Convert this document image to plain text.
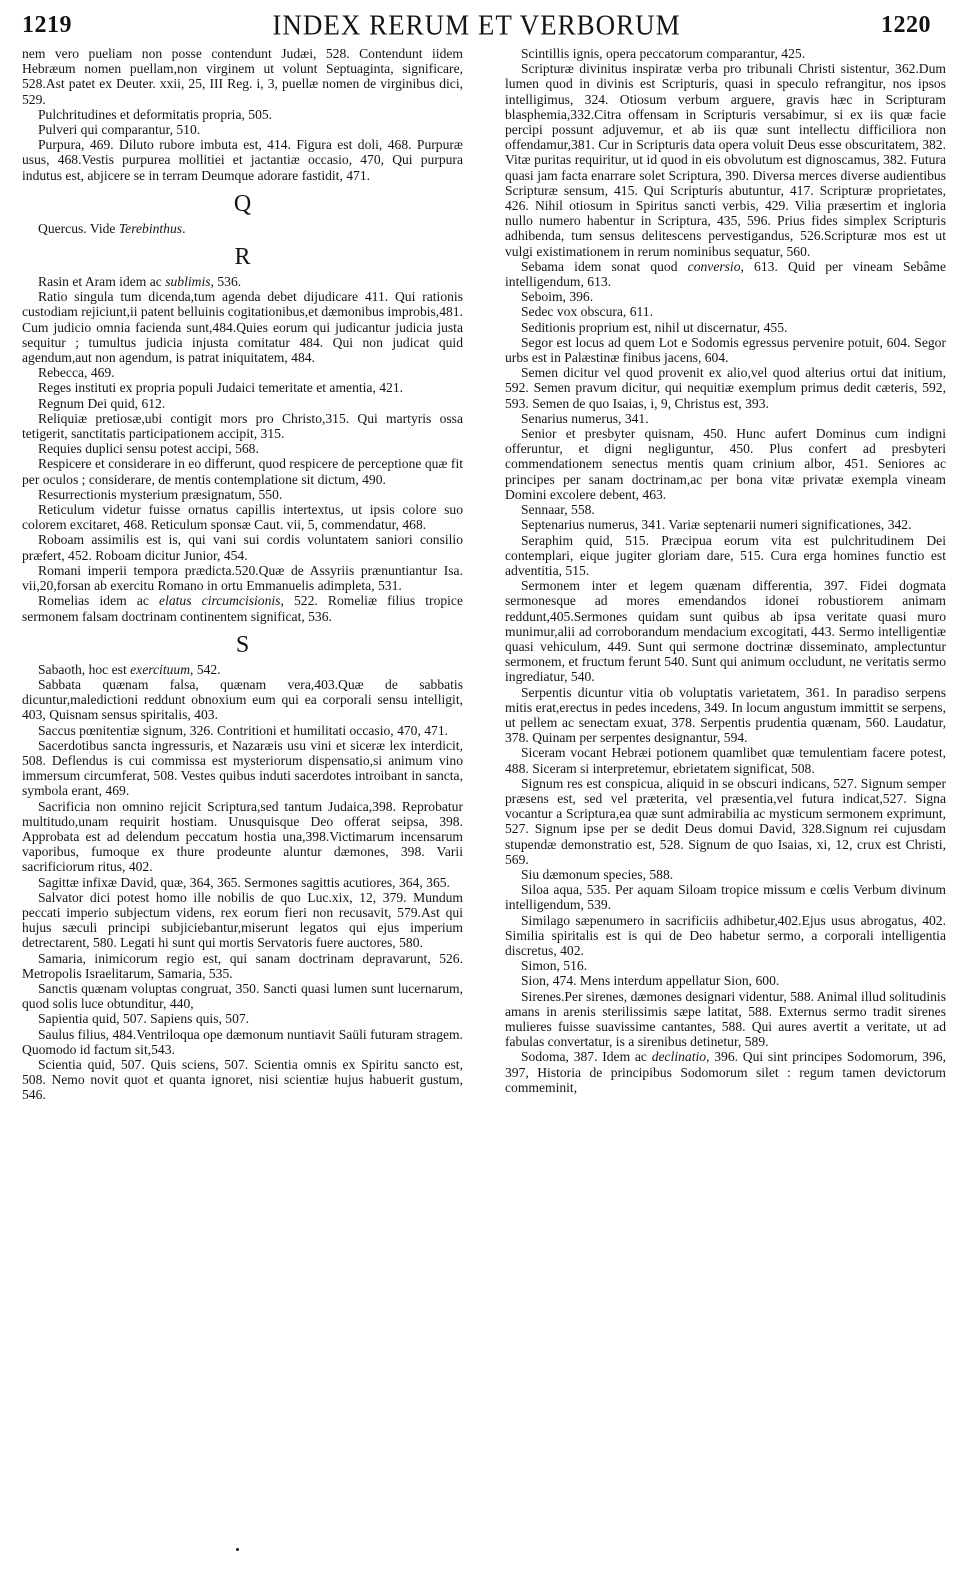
1219	INDEX RERUM ET VERBORUM	1220

nem vero pueliam non posse contendunt Judæi, 528. Contendunt iidem Hebræum nomen puellam,non virginem ut volunt Septuaginta, significare, 528.Ast patet ex Deuter. xxii, 25, III Reg. i, 3, puellæ nomen de virginibus dici, 529.

Pulchritudines et deformitatis propria, 505.

Pulveri qui comparantur, 510.

Purpura, 469. Diluto rubore imbuta est, 414. Figura est doli, 468. Purpuræ usus, 468.Vestis purpurea mollitiei et jactantiæ occasio, 470, Qui purpura indutus est, abjicere se in terram Deumque adorare fastidit, 471.

Q

Quercus. Vide Terebinthus.

R

Rasin et Aram idem ac sublimis, 536.

Ratio singula tum dicenda,tum agenda debet dijudicare 411. Qui rationis custodiam rejiciunt,ii patent belluinis cogitationibus,et dæmonibus improbis,481. Cum judicio omnia facienda sunt,484.Quies eorum qui judicantur judicia justa sequitur ; tumultus judicia injusta comitatur 484. Qui non judicat quid agendum,aut non agendum, is patrat iniquitatem, 484.

Rebecca, 469.

Reges instituti ex propria populi Judaici temeritate et amentia, 421.

Regnum Dei quid, 612.

Reliquiæ pretiosæ,ubi contigit mors pro Christo,315. Qui martyris ossa tetigerit, sanctitatis participationem accipit, 315.

Requies duplici sensu potest accipi, 568.

Respicere et considerare in eo differunt, quod respicere de perceptione quæ fit per oculos ; considerare, de mentis contemplatione sit dictum, 490.

Resurrectionis mysterium præsignatum, 550.

Reticulum videtur fuisse ornatus capillis intertextus, ut ipsis colore suo colorem excitaret, 468. Reticulum sponsæ Caut. vii, 5, commendatur, 468.

Roboam assimilis est is, qui vani sui cordis voluntatem saniori consilio præfert, 452. Roboam dicitur Junior, 454.

Romani imperii tempora prædicta.520.Quæ de Assyriis prænuntiantur Isa. vii,20,forsan ab exercitu Romano in ortu Emmanuelis adimpleta, 531.

Romelias idem ac elatus circumcisionis, 522. Romeliæ filius tropice sermonem falsam doctrinam continentem significat, 536.

S

Sabaoth, hoc est exercituum, 542.

Sabbata quænam falsa, quænam vera,403.Quæ de sabbatis dicuntur,maledictioni reddunt obnoxium eum qui ea corporali sensu intelligit, 403, Quisnam sensus spiritalis, 403.

Saccus pœnitentiæ signum, 326. Contritioni et humilitati occasio, 470, 471.

Sacerdotibus sancta ingressuris, et Nazaræis usu vini et siceræ lex interdicit, 508. Deflendus is cui commissa est mysteriorum dispensatio,si animum vino immersum circumferat, 508. Vestes quibus induti sacerdotes introibant in sancta, symbola erant, 469.

Sacrificia non omnino rejicit Scriptura,sed tantum Judaica,398. Reprobatur multitudo,unam requirit hostiam. Unusquisque Deo offerat seipsa, 398. Approbata est ad delendum peccatum hostia una,398.Victimarum incensarum vaporibus, fumoque ex thure prodeunte aluntur dæmones, 398. Varii sacrificiorum ritus, 402.

Sagittæ infixæ David, quæ, 364, 365. Sermones sagittis acutiores, 364, 365.

Salvator dici potest homo ille nobilis de quo Luc.xix, 12, 379. Mundum peccati imperio subjectum videns, rex eorum fieri non recusavit, 579.Ast qui hujus sæculi principi subjiciebantur,miserunt legatos qui ejus imperium detrectarent, 580. Legati hi sunt qui mortis Servatoris fuere auctores, 580.

Samaria, inimicorum regio est, qui sanam doctrinam depravarunt, 526. Metropolis Israelitarum, Samaria, 535.

Sanctis quænam voluptas congruat, 350. Sancti quasi lumen sunt lucernarum, quod solis luce obtunditur, 440,

Sapientia quid, 507. Sapiens quis, 507.

Saulus filius, 484.Ventriloqua ope dæmonum nuntiavit Saüli futuram stragem. Quomodo id factum sit,543.

Scientia quid, 507. Quis sciens, 507. Scientia omnis ex Spiritu sancto est, 508. Nemo novit quot et quanta ignoret, nisi scientiæ hujus habuerit gustum, 546.

Scintillis ignis, opera peccatorum comparantur, 425.

Scripturæ divinitus inspiratæ verba pro tribunali Christi sistentur, 362.Dum lumen quod in divinis est Scripturis, quasi in speculo refrangitur, nos ipsos intelligimus, 324. Otiosum verbum arguere, gravis hæc in Scripturam blasphemia,332.Citra offensam in Scripturis versabimur, si ex iis quæ facie percipi possunt adjuvemur, et ab iis quæ sunt intellectu difficiliora non offendamur,381. Cur in Scripturis data opera voluit Deus esse obscuritatem, 382. Vitæ puritas requiritur, ut id quod in eis obvolutum est dignoscamus, 382. Futura quasi jam facta enarrare solet Scriptura, 390. Diversa merces diverse audientibus Scripturæ sensum, 415. Qui Scripturis abutuntur, 417. Scripturæ proprietates, 426. Nihil otiosum in Spiritus sancti verbis, 429. Vilia præsertim et ingloria nullo numero habentur in Scriptura, 435, 596. Prius fides simplex Scripturis adhibenda, tum sensus delitescens pervestigandus, 526.Scripturæ mos est ut vulgi existimationem in rerum nominibus sequatur, 560.

Sebama idem sonat quod conversio, 613. Quid per vineam Sebâme intelligendum, 613.

Seboim, 396.

Sedec vox obscura, 611.

Seditionis proprium est, nihil ut discernatur, 455.

Segor est locus ad quem Lot e Sodomis egressus pervenire potuit, 604. Segor urbs est in Palæstinæ finibus jacens, 604.

Semen dicitur vel quod provenit ex alio,vel quod alterius ortui dat initium, 592. Semen pravum dicitur, qui nequitiæ exemplum primus dedit cæteris, 592, 593. Semen de quo Isaias, i, 9, Christus est, 393.

Senarius numerus, 341.

Senior et presbyter quisnam, 450. Hunc aufert Dominus cum indigni offeruntur, et digni negliguntur, 450. Plus confert ad presbyteri commendationem senectus mentis quam crinium albor, 451. Seniores ac principes per sanam doctrinam,ac per bona vitæ privatæ exempla vineam Domini excolere debent, 463.

Sennaar, 558.

Septenarius numerus, 341. Variæ septenarii numeri significationes, 342.

Seraphim quid, 515. Præcipua eorum vita est pulchritudinem Dei contemplari, eique jugiter gloriam dare, 515. Cura erga homines functio est adventitia, 515.

Sermonem inter et legem quænam differentia, 397. Fidei dogmata sermonesque ad mores emendandos idonei robustiorem animam reddunt,405.Sermones quidam sunt quibus ab ipsa veritate quasi muro munimur,alii ad corroborandum mendacium excogitati, 443. Sermo intelligentiæ quasi vehiculum, 449. Sunt qui sermone doctrinæ disseminato, amplectuntur sermonem, et fructum ferunt 540. Sunt qui animum occludunt, ne veritatis sermo ingrediatur, 540.

Serpentis dicuntur vitia ob voluptatis varietatem, 361. In paradiso serpens mitis erat,erectus in pedes incedens, 349. In locum angustum immittit se serpens, ut pellem ac senectam exuat, 378. Serpentis prudentia quænam, 560. Laudatur, 378. Quinam per serpentes designantur, 594.

Siceram vocant Hebræi potionem quamlibet quæ temulentiam facere potest, 488. Siceram si interpretemur, ebrietatem significat, 508.

Signum res est conspicua, aliquid in se obscuri indicans, 527. Signum semper præsens est, sed vel præterita, vel præsentia,vel futura indicat,527. Signa vocantur a Scriptura,ea quæ sunt admirabilia ac mysticum sermonem exprimunt, 527. Signum ipse per se dedit Deus domui David, 328.Signum rei cujusdam stupendæ demonstratio est, 528. Signum de quo Isaias, xi, 12, crux est Christi, 569.

Siu dæmonum species, 588.

Siloa aqua, 535. Per aquam Siloam tropice missum e cœlis Verbum divinum intelligendum, 539.

Similago sæpenumero in sacrificiis adhibetur,402.Ejus usus abrogatus, 402. Similia spiritalis est is qui de Deo habetur sermo, a corporali intelligentia discretus, 402.

Simon, 516.

Sion, 474. Mens interdum appellatur Sion, 600.

Sirenes.Per sirenes, dæmones designari videntur, 588. Animal illud solitudinis amans in arenis sterilissimis sæpe latitat, 588. Externus sermo tradit sirenes mulieres fuisse suavissime cantantes, 588. Qui aures avertit a veritate, ut ad fabulas convertatur, is a sirenibus detinetur, 589.

Sodoma, 387. Idem ac declinatio, 396. Qui sint principes Sodomorum, 396, 397, Historia de principibus Sodomorum silet : regum tamen devictorum commeminit,
